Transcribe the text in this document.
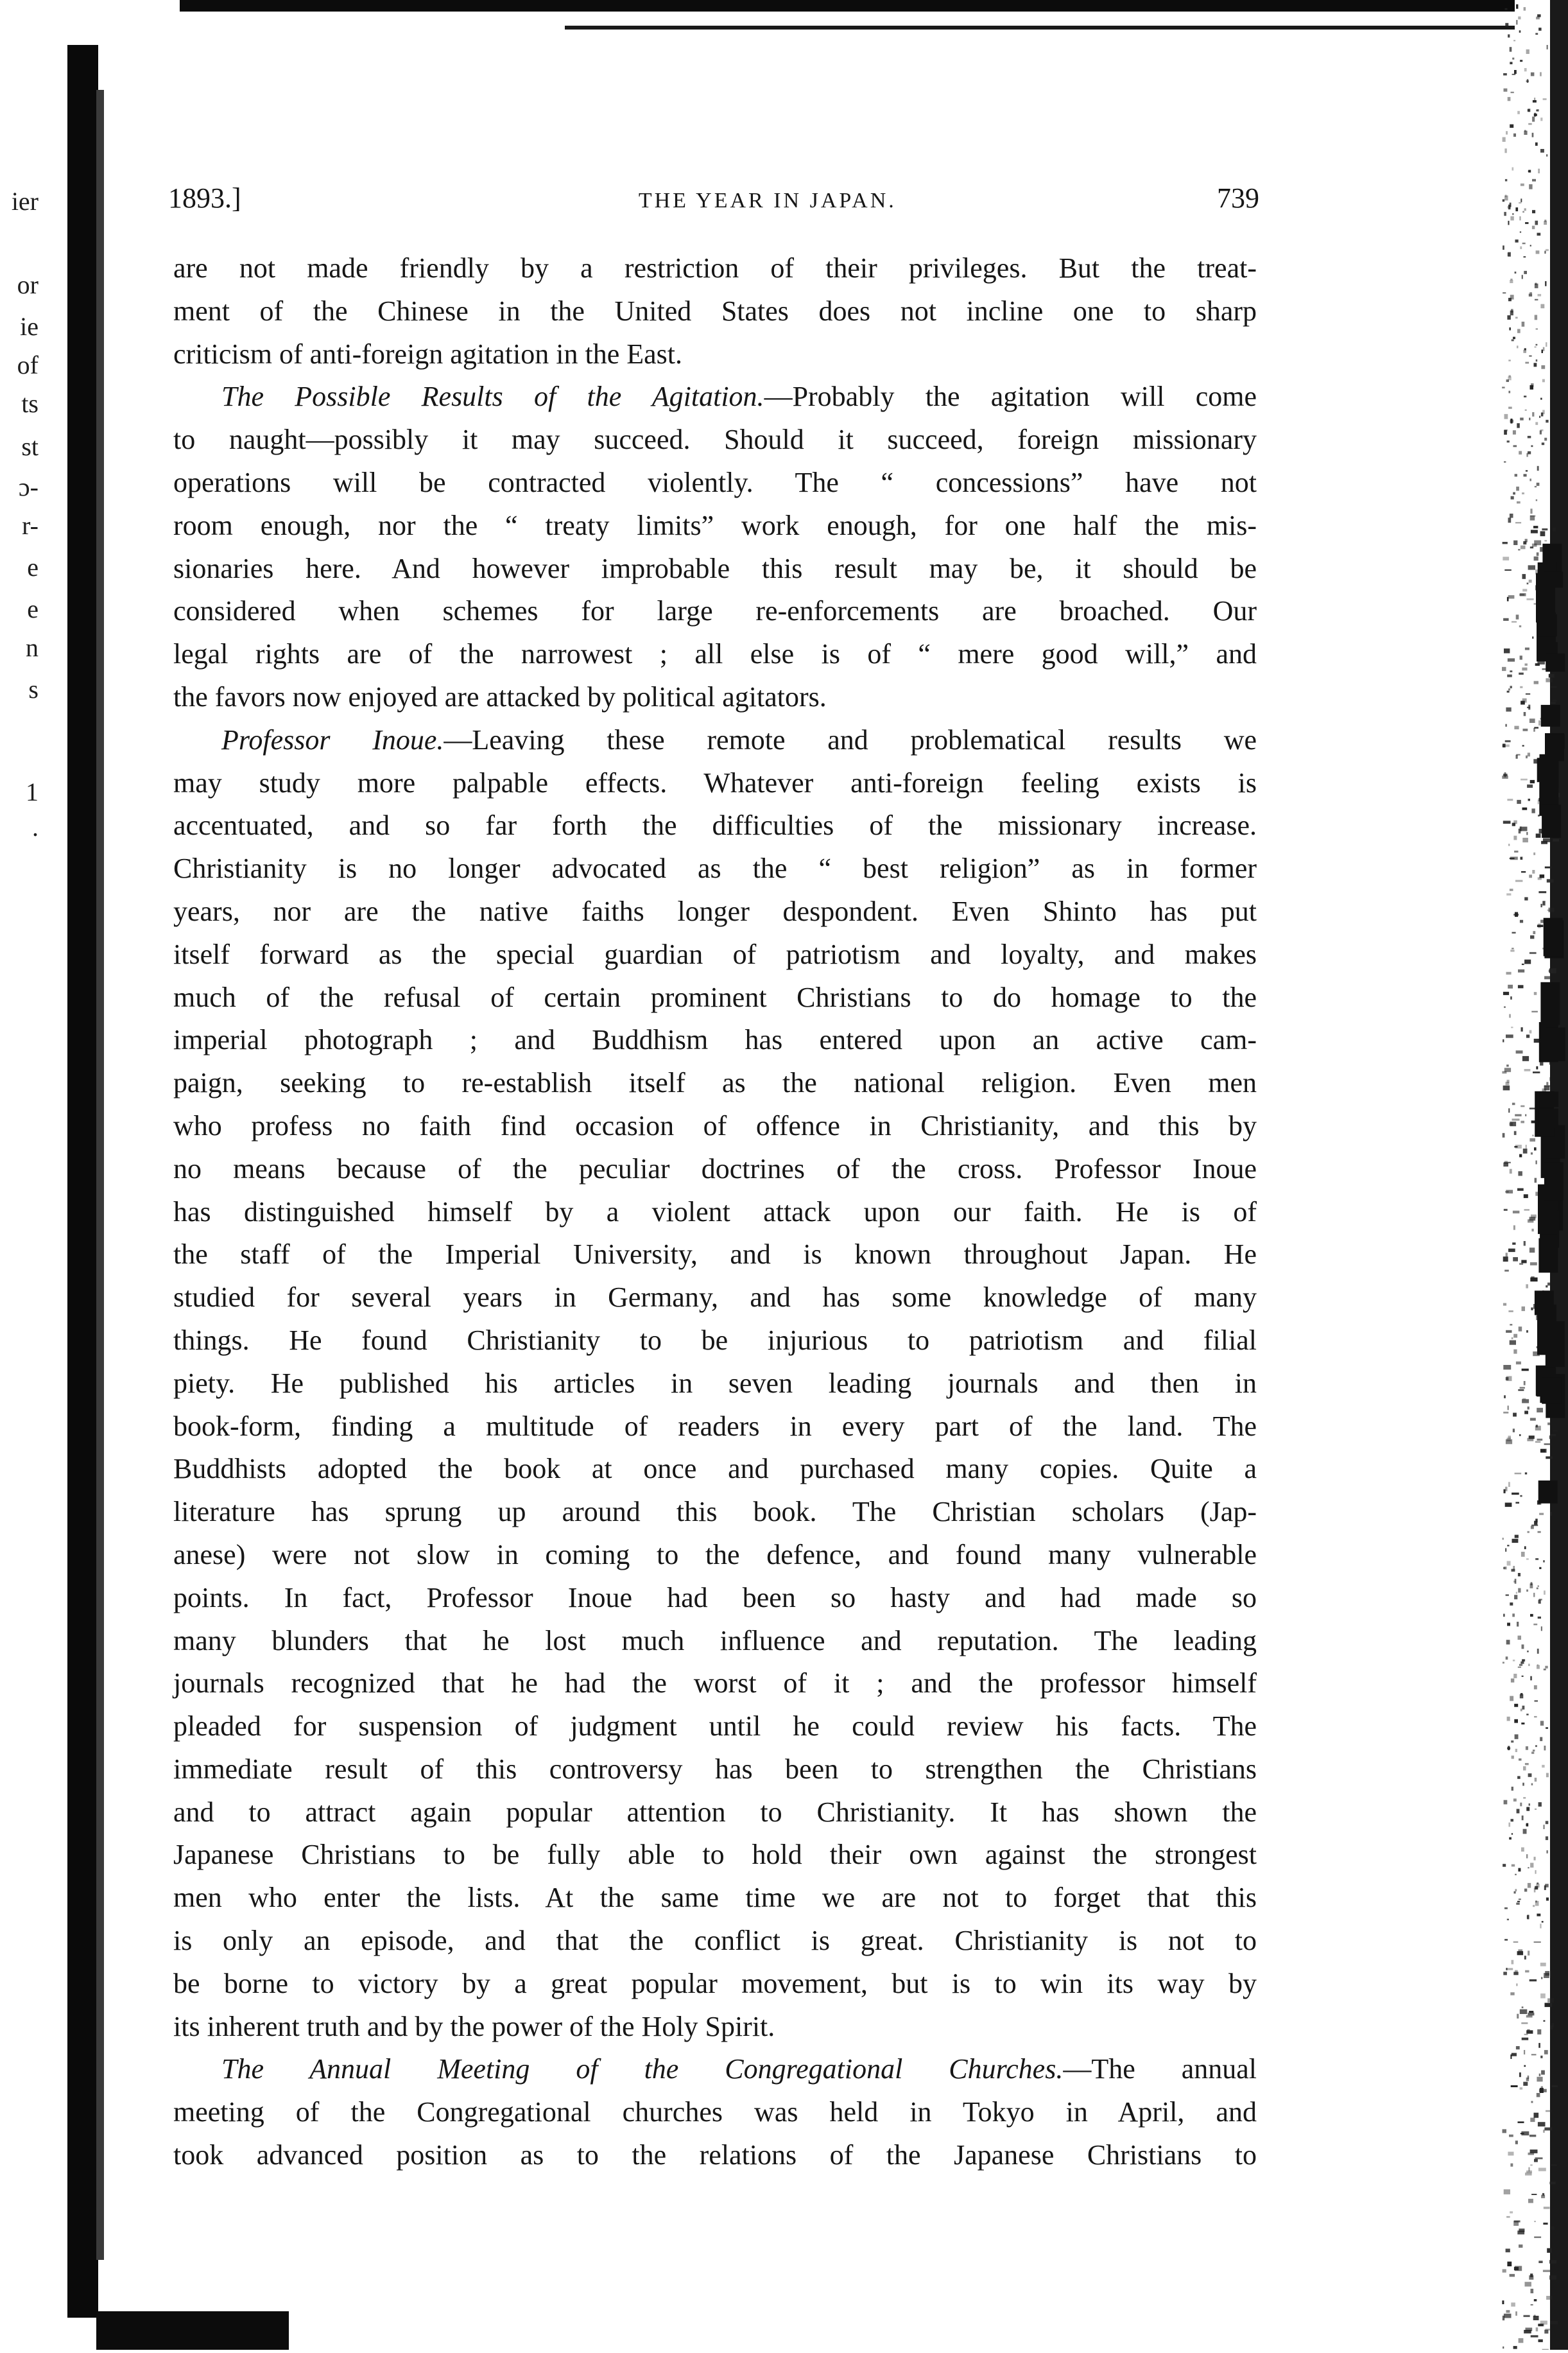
ier
or
ie
of
ts
st
ɔ-
r-
e
e
n
s
1
.
1893.]	THE YEAR IN JAPAN.	739
are not made friendly by a restriction of their privileges. But the treat-
ment of the Chinese in the United States does not incline one to sharp
criticism of anti-foreign agitation in the East.
The Possible Results of the Agitation.—Probably the agitation will come
to naught—possibly it may succeed. Should it succeed, foreign missionary
operations will be contracted violently. The “ concessions” have not
room enough, nor the “ treaty limits” work enough, for one half the mis-
sionaries here. And however improbable this result may be, it should be
considered when schemes for large re-enforcements are broached. Our
legal rights are of the narrowest ; all else is of “ mere good will,” and
the favors now enjoyed are attacked by political agitators.
Professor Inoue.—Leaving these remote and problematical results we
may study more palpable effects. Whatever anti-foreign feeling exists is
accentuated, and so far forth the difficulties of the missionary increase.
Christianity is no longer advocated as the “ best religion” as in former
years, nor are the native faiths longer despondent. Even Shinto has put
itself forward as the special guardian of patriotism and loyalty, and makes
much of the refusal of certain prominent Christians to do homage to the
imperial photograph ; and Buddhism has entered upon an active cam-
paign, seeking to re-establish itself as the national religion. Even men
who profess no faith find occasion of offence in Christianity, and this by
no means because of the peculiar doctrines of the cross. Professor Inoue
has distinguished himself by a violent attack upon our faith. He is of
the staff of the Imperial University, and is known throughout Japan. He
studied for several years in Germany, and has some knowledge of many
things. He found Christianity to be injurious to patriotism and filial
piety. He published his articles in seven leading journals and then in
book-form, finding a multitude of readers in every part of the land. The
Buddhists adopted the book at once and purchased many copies. Quite a
literature has sprung up around this book. The Christian scholars (Jap-
anese) were not slow in coming to the defence, and found many vulnerable
points. In fact, Professor Inoue had been so hasty and had made so
many blunders that he lost much influence and reputation. The leading
journals recognized that he had the worst of it ; and the professor himself
pleaded for suspension of judgment until he could review his facts. The
immediate result of this controversy has been to strengthen the Christians
and to attract again popular attention to Christianity. It has shown the
Japanese Christians to be fully able to hold their own against the strongest
men who enter the lists. At the same time we are not to forget that this
is only an episode, and that the conflict is great. Christianity is not to
be borne to victory by a great popular movement, but is to win its way by
its inherent truth and by the power of the Holy Spirit.
The Annual Meeting of the Congregational Churches.—The annual
meeting of the Congregational churches was held in Tokyo in April, and
took advanced position as to the relations of the Japanese Christians to
